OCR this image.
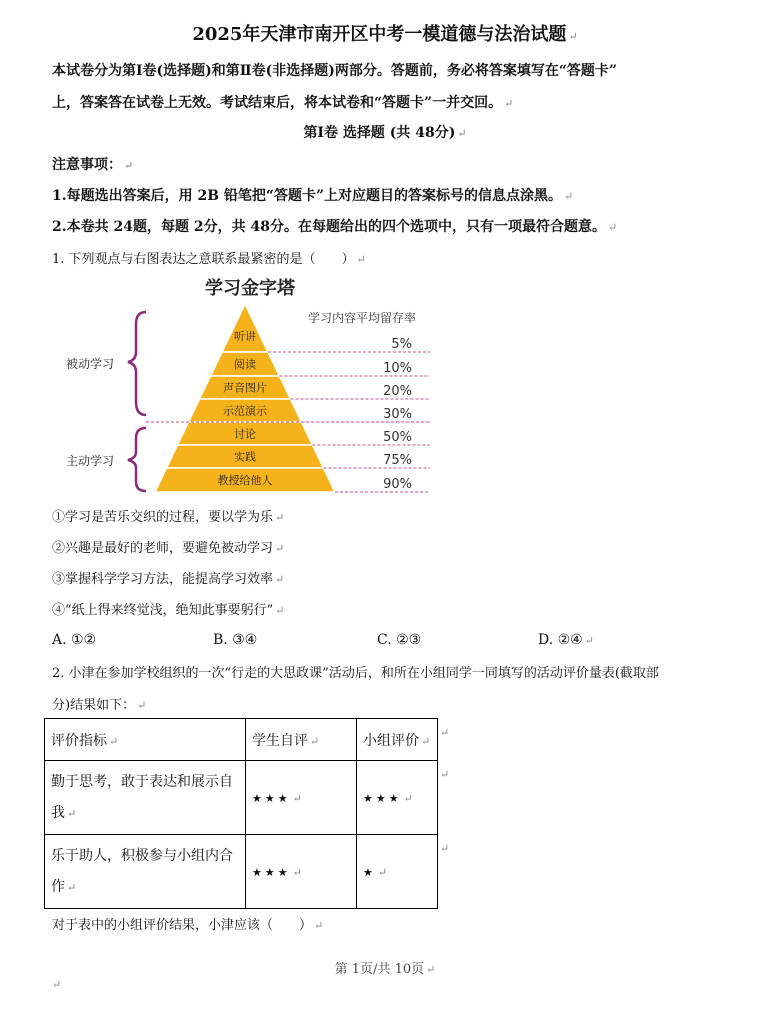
2025年天津市南开区中考一模道德与法治试题 ↵
本试卷分为第Ⅰ卷(选择题)和第Ⅱ卷(非选择题)两部分。答题前，务必将答案填写在“答题卡”
上，答案答在试卷上无效。考试结束后，将本试卷和“答题卡”一并交回。 ↵
第Ⅰ卷 选择题 (共 48分) ↵
注意事项： ↵
1.每题选出答案后，用 2B 铅笔把“答题卡”上对应题目的答案标号的信息点涂黑。 ↵
2.本卷共 24题，每题 2分，共 48分。在每题给出的四个选项中，只有一项最符合题意。 ↵
1. 下列观点与右图表达之意联系最紧密的是（　　） ↵
学习金字塔
学习内容平均留存率
听讲
阅读
声音图片
示范演示
讨论
实践
教授给他人
5%
10%
20%
30%
50%
75%
90%
被动学习
主动学习
①学习是苦乐交织的过程，要以学为乐 ↵
②兴趣是最好的老师，要避免被动学习 ↵
③掌握科学学习方法，能提高学习效率 ↵
④“纸上得来终觉浅，绝知此事要躬行” ↵
A. ①②	B. ③④	C. ②③	D. ②④ ↵
2. 小津在参加学校组织的一次“行走的大思政课”活动后，和所在小组同学一同填写的活动评价量表(截取部
分)结果如下： ↵
评价指标 ↵	学生自评 ↵	小组评价 ↵
勤于思考，敢于表达和展示自
我 ↵	★★★ ↵	★★★ ↵
乐于助人，积极参与小组内合
作 ↵	★★★ ↵	★ ↵
↵
↵
↵
对于表中的小组评价结果，小津应该（　　） ↵
第 1页/共 10页 ↵
↵
